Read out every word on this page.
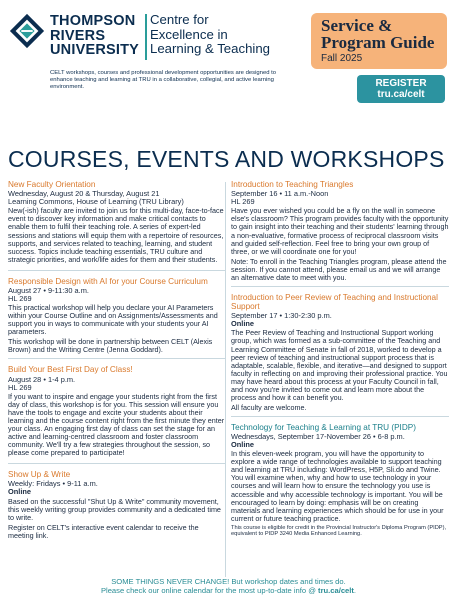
THOMPSON
RIVERS
UNIVERSITY
Centre for
Excellence in
Learning & Teaching
CELT workshops, courses and professional development opportunities are designed to enhance teaching and learning at TRU in a collaborative, collegial, and active learning environment.
Service &
Program Guide
Fall 2025
REGISTER
tru.ca/celt
COURSES, EVENTS AND WORKSHOPS
New Faculty Orientation
Wednesday, August 20 & Thursday, August 21
Learning Commons, House of Learning (TRU Library)
New(-ish) faculty are invited to join us for this multi-day, face-to-face event to discover key information and make critical contacts to enable them to fulfil their teaching role. A series of expert-led sessions and stations will equip them with a repertoire of resources, supports, and services related to teaching, learning, and student success. Topics include teaching essentials, TRU culture and strategic priorities, and work/life aides for them and their students.
Responsible Design with AI for your Course Curriculum
August 27 • 9-11:30 a.m.
HL 269
This practical workshop will help you declare your AI Parameters within your Course Outline and on Assignments/Assessments and support you in ways to communicate with your students your AI parameters.
This workshop will be done in partnership between CELT (Alexis Brown) and the Writing Centre (Jenna Goddard).
Build Your Best First Day of Class!
August 28 • 1-4 p.m.
HL 269
If you want to inspire and engage your students right from the first day of class, this workshop is for you. This session will ensure you have the tools to engage and excite your students about their learning and the course content right from the first minute they enter your class. An engaging first day of class can set the stage for an active and learning-centred classroom and foster classroom community. We'll try a few strategies throughout the session, so please come prepared to participate!
Show Up & Write
Weekly: Fridays • 9-11 a.m.
Online
Based on the successful "Shut Up & Write" community movement, this weekly writing group provides community and a dedicated time to write.
Register on CELT's interactive event calendar to receive the meeting link.
Introduction to Teaching Triangles
September 16 • 11 a.m.-Noon
HL 269
Have you ever wished you could be a fly on the wall in someone else's classroom? This program provides faculty with the opportunity to gain insight into their teaching and their students' learning through a non-evaluative, formative process of reciprocal classroom visits and guided self-reflection. Feel free to bring your own group of three, or we will coordinate one for you!
Note: To enroll in the Teaching Triangles program, please attend the session. If you cannot attend, please email us and we will arrange an alternative date to meet with you.
Introduction to Peer Review of Teaching and Instructional Support
September 17 • 1:30-2:30 p.m.
Online
The Peer Review of Teaching and Instructional Support working group, which was formed as a sub-committee of the Teaching and Learning Committee of Senate in fall of 2018, worked to develop a peer review of teaching and instructional support process that is adaptable, scalable, flexible, and iterative—and designed to support faculty in reflecting on and improving their professional practice. You may have heard about this process at your Faculty Council in fall, and now you're invited to come out and learn more about the process and how it can benefit you.
All faculty are welcome.
Technology for Teaching & Learning at TRU (PIDP)
Wednesdays, September 17-November 26 • 6-8 p.m.
Online
In this eleven-week program, you will have the opportunity to explore a wide range of technologies available to support teaching and learning at TRU including: WordPress, H5P, Sli.do and Twine. You will examine when, why and how to use technology in your courses and will learn how to ensure the technology you use is accessible and why accessible technology is important. You will be encouraged to learn by doing: emphasis will be on creating materials and learning experiences which should be for use in your current or future teaching practice.
This course is eligible for credit in the Provincial Instructor's Diploma Program (PIDP), equivalent to PIDP 3240 Media Enhanced Learning.
SOME THINGS NEVER CHANGE! But workshop dates and times do.
Please check our online calendar for the most up-to-date info @ tru.ca/celt.
